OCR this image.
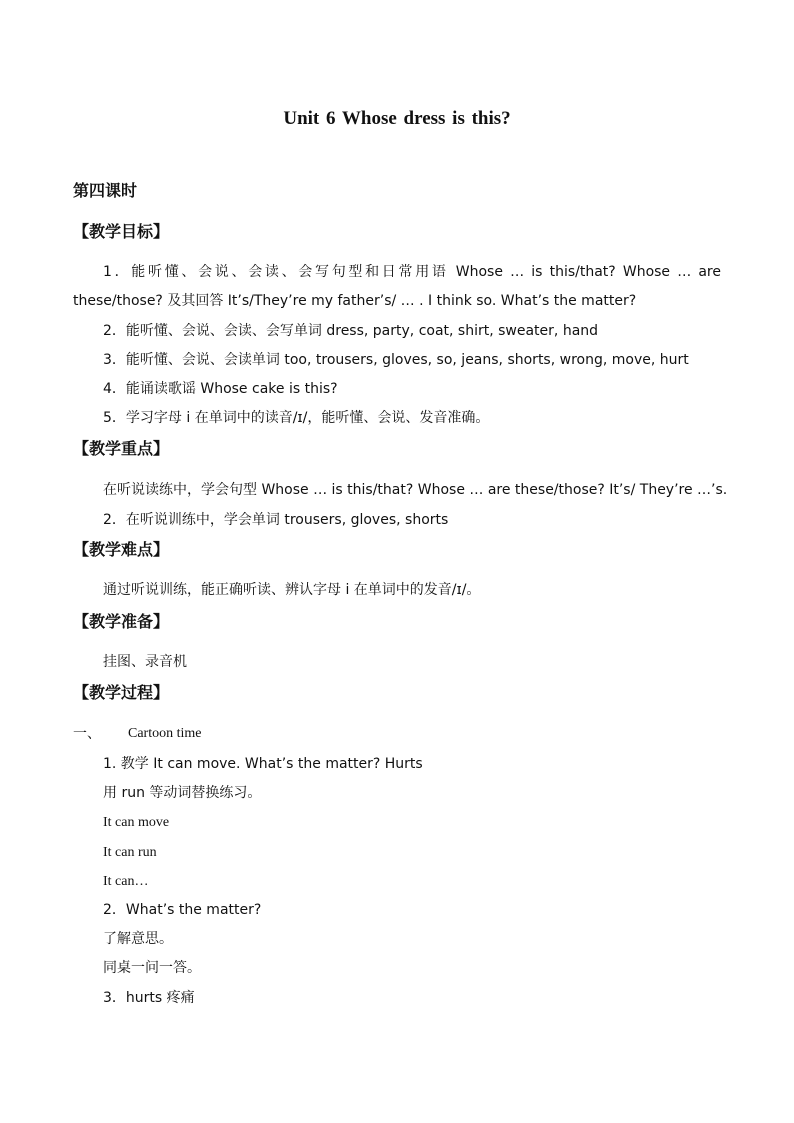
Unit 6 Whose dress is this?
第四课时
【教学目标】
1．能听懂、会说、会读、会写句型和日常用语 Whose … is this/that? Whose … are
these/those? 及其回答 It’s/They’re my father’s/ … . I think so. What’s the matter?
2．能听懂、会说、会读、会写单词 dress, party, coat, shirt, sweater, hand
3．能听懂、会说、会读单词 too, trousers, gloves, so, jeans, shorts, wrong, move, hurt
4．能诵读歌谣 Whose cake is this?
5．学习字母 i 在单词中的读音/ɪ/，能听懂、会说、发音准确。
【教学重点】
在听说读练中，学会句型 Whose … is this/that? Whose … are these/those? It’s/ They’re …’s.
2．在听说训练中，学会单词 trousers, gloves, shorts
【教学难点】
通过听说训练，能正确听读、辨认字母 i 在单词中的发音/ɪ/。
【教学准备】
挂图、录音机
【教学过程】
一、 Cartoon time
1. 教学 It can move. What’s the matter? Hurts
用 run 等动词替换练习。
It can move
It can run
It can…
2．What’s the matter?
了解意思。
同桌一问一答。
3．hurts 疼痛
